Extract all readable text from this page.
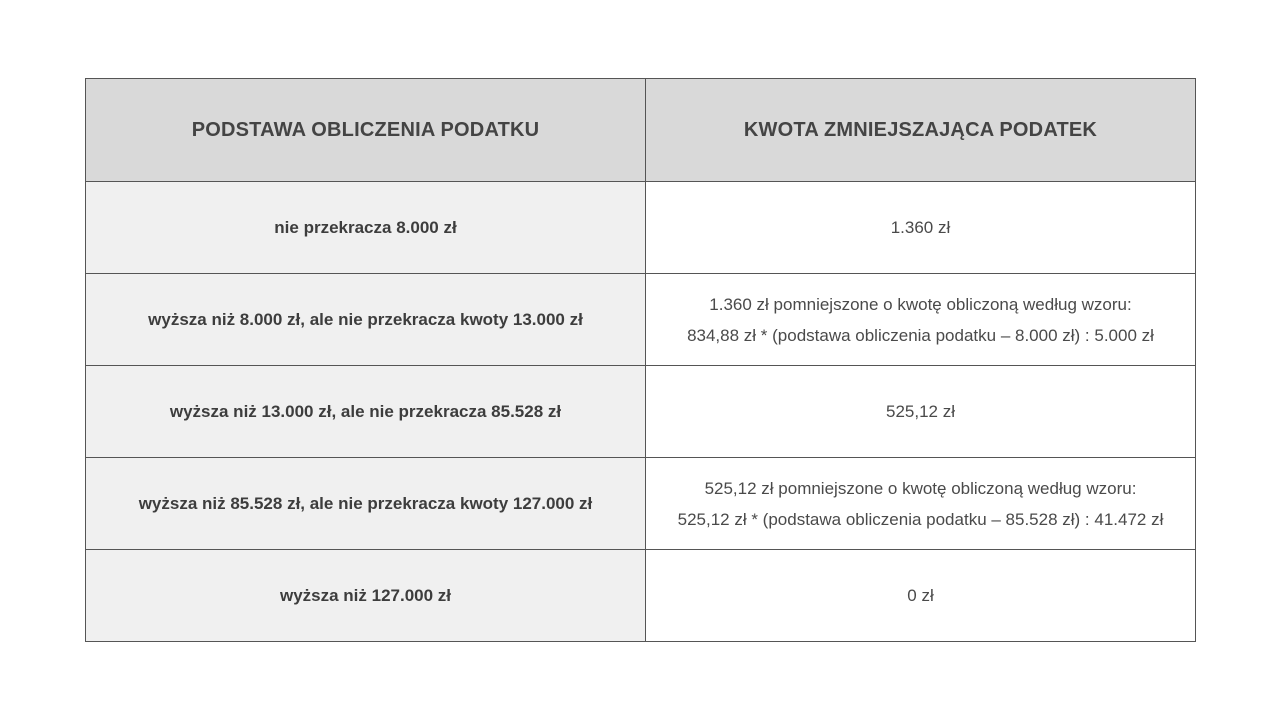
PODSTAWA OBLICZENIA PODATKU	KWOTA ZMNIEJSZAJĄCA PODATEK
nie przekracza 8.000 zł	1.360 zł

wyższa niż 8.000 zł, ale nie przekracza kwoty 13.000 zł	1.360 zł pomniejszone o kwotę obliczoną według wzoru:
834,88 zł * (podstawa obliczenia podatku – 8.000 zł) : 5.000 zł

wyższa niż 13.000 zł, ale nie przekracza 85.528 zł	525,12 zł

wyższa niż 85.528 zł, ale nie przekracza kwoty 127.000 zł	525,12 zł pomniejszone o kwotę obliczoną według wzoru:
525,12 zł * (podstawa obliczenia podatku – 85.528 zł) : 41.472 zł

wyższa niż 127.000 zł	0 zł
